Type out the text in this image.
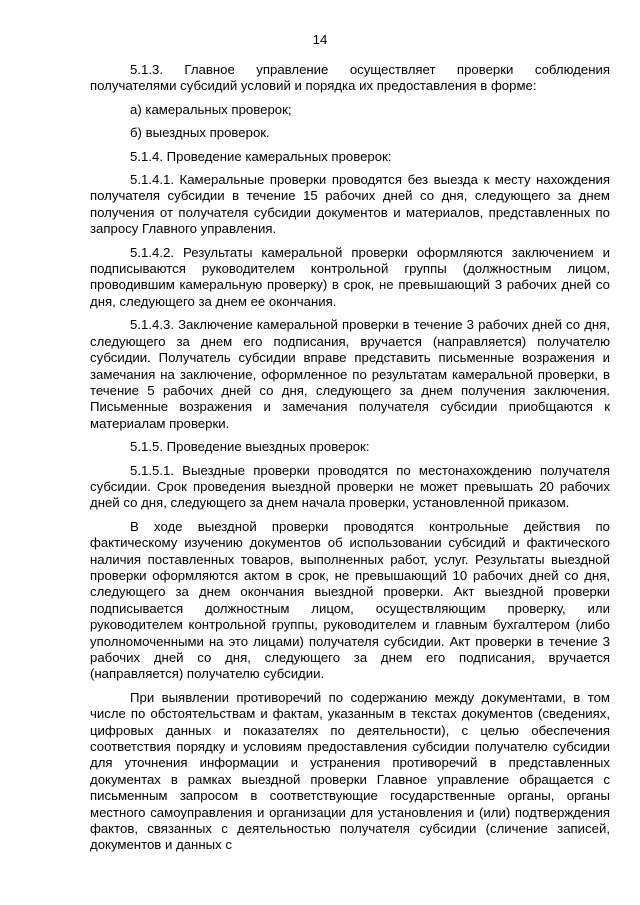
14

5.1.3. Главное управление осуществляет проверки соблюдения получателями субсидий условий и порядка их предоставления в форме:

а) камеральных проверок;

б) выездных проверок.

5.1.4. Проведение камеральных проверок:

5.1.4.1. Камеральные проверки проводятся без выезда к месту нахождения получателя субсидии в течение 15 рабочих дней со дня, следующего за днем получения от получателя субсидии документов и материалов, представленных по запросу Главного управления.

5.1.4.2. Результаты камеральной проверки оформляются заключением и подписываются руководителем контрольной группы (должностным лицом, проводившим камеральную проверку) в срок, не превышающий 3 рабочих дней со дня, следующего за днем ее окончания.

5.1.4.3. Заключение камеральной проверки в течение 3 рабочих дней со дня, следующего за днем его подписания, вручается (направляется) получателю субсидии. Получатель субсидии вправе представить письменные возражения и замечания на заключение, оформленное по результатам камеральной проверки, в течение 5 рабочих дней со дня, следующего за днем получения заключения. Письменные возражения и замечания получателя субсидии приобщаются к материалам проверки.

5.1.5. Проведение выездных проверок:

5.1.5.1. Выездные проверки проводятся по местонахождению получателя субсидии. Срок проведения выездной проверки не может превышать 20 рабочих дней со дня, следующего за днем начала проверки, установленной приказом.

В ходе выездной проверки проводятся контрольные действия по фактическому изучению документов об использовании субсидий и фактического наличия поставленных товаров, выполненных работ, услуг. Результаты выездной проверки оформляются актом в срок, не превышающий 10 рабочих дней со дня, следующего за днем окончания выездной проверки. Акт выездной проверки подписывается должностным лицом, осуществляющим проверку, или руководителем контрольной группы, руководителем и главным бухгалтером (либо уполномоченными на это лицами) получателя субсидии. Акт проверки в течение 3 рабочих дней со дня, следующего за днем его подписания, вручается (направляется) получателю субсидии.

При выявлении противоречий по содержанию между документами, в том числе по обстоятельствам и фактам, указанным в текстах документов (сведениях, цифровых данных и показателях по деятельности), с целью обеспечения соответствия порядку и условиям предоставления субсидии получателю субсидии для уточнения информации и устранения противоречий в представленных документах в рамках выездной проверки Главное управление обращается с письменным запросом в соответствующие государственные органы, органы местного самоуправления и организации для установления и (или) подтверждения фактов, связанных с деятельностью получателя субсидии (сличение записей, документов и данных с
